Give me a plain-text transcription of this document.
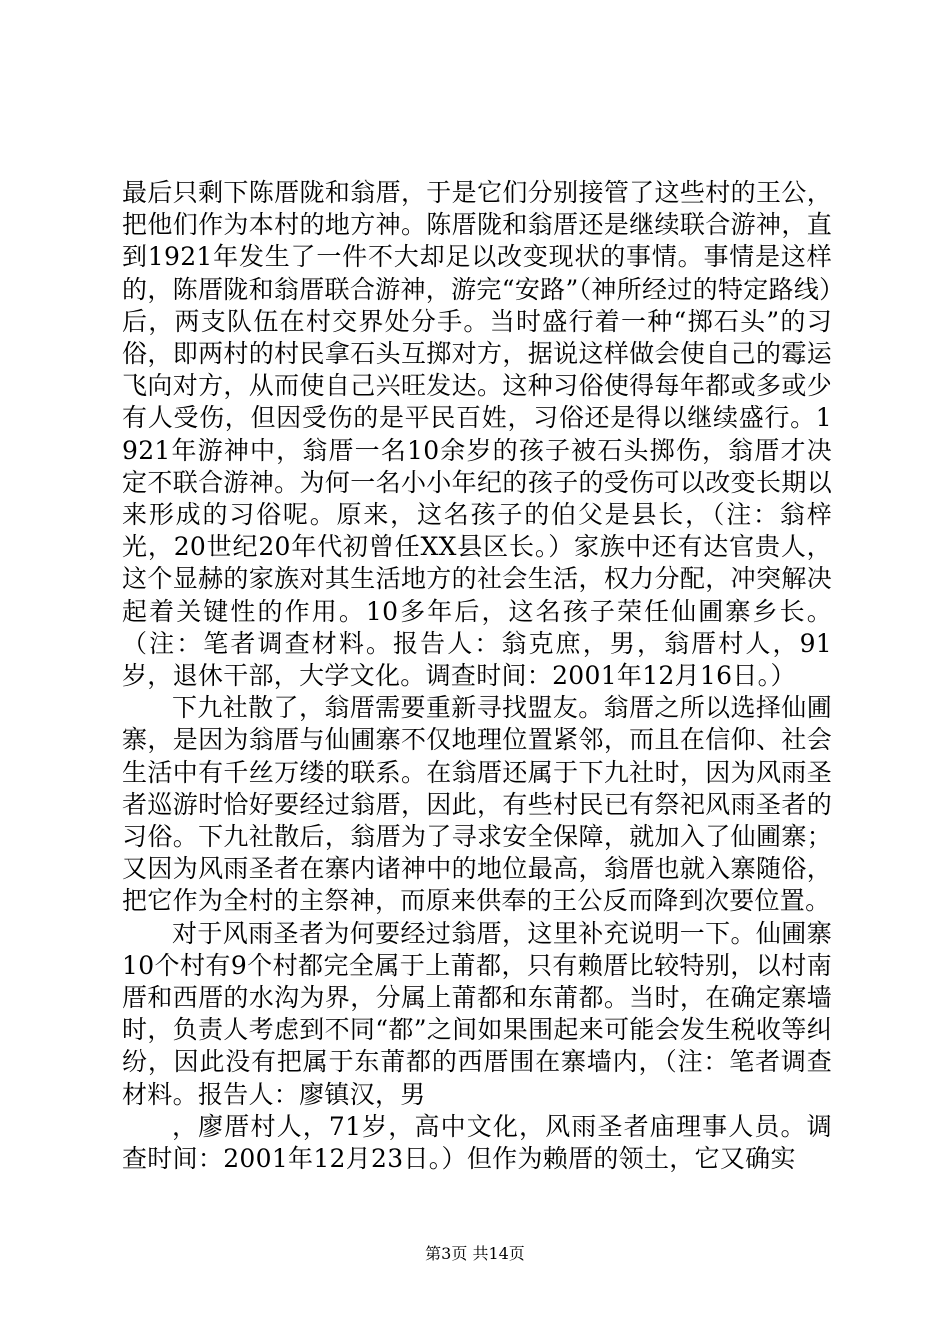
最后只剩下陈厝陇和翁厝，于是它们分别接管了这些村的王公，把他们作为本村的地方神。陈厝陇和翁厝还是继续联合游神，直到1921年发生了一件不大却足以改变现状的事情。事情是这样的，陈厝陇和翁厝联合游神，游完“安路”（神所经过的特定路线）后，两支队伍在村交界处分手。当时盛行着一种“掷石头”的习俗，即两村的村民拿石头互掷对方，据说这样做会使自己的霉运飞向对方，从而使自己兴旺发达。这种习俗使得每年都或多或少有人受伤，但因受伤的是平民百姓，习俗还是得以继续盛行。1921年游神中，翁厝一名10余岁的孩子被石头掷伤，翁厝才决定不联合游神。为何一名小小年纪的孩子的受伤可以改变长期以来形成的习俗呢。原来，这名孩子的伯父是县长，（注：翁梓光，20世纪20年代初曾任XX县区长。）家族中还有达官贵人，这个显赫的家族对其生活地方的社会生活，权力分配，冲突解决起着关键性的作用。10多年后，这名孩子荣任仙圃寨乡长。（注：笔者调查材料。报告人：翁克庶，男，翁厝村人，91岁，退休干部，大学文化。调查时间：2001年12月16日。）

下九社散了，翁厝需要重新寻找盟友。翁厝之所以选择仙圃寨，是因为翁厝与仙圃寨不仅地理位置紧邻，而且在信仰、社会生活中有千丝万缕的联系。在翁厝还属于下九社时，因为风雨圣者巡游时恰好要经过翁厝，因此，有些村民已有祭祀风雨圣者的习俗。下九社散后，翁厝为了寻求安全保障，就加入了仙圃寨；又因为风雨圣者在寨内诸神中的地位最高，翁厝也就入寨随俗，把它作为全村的主祭神，而原来供奉的王公反而降到次要位置。

对于风雨圣者为何要经过翁厝，这里补充说明一下。仙圃寨10个村有9个村都完全属于上莆都，只有赖厝比较特别，以村南厝和西厝的水沟为界，分属上莆都和东莆都。当时，在确定寨墙时，负责人考虑到不同“都”之间如果围起来可能会发生税收等纠纷，因此没有把属于东莆都的西厝围在寨墙内，（注：笔者调查材料。报告人：廖镇汉，男

，廖厝村人，71岁，高中文化，风雨圣者庙理事人员。调查时间：2001年12月23日。）但作为赖厝的领土，它又确实

第3页 共14页
